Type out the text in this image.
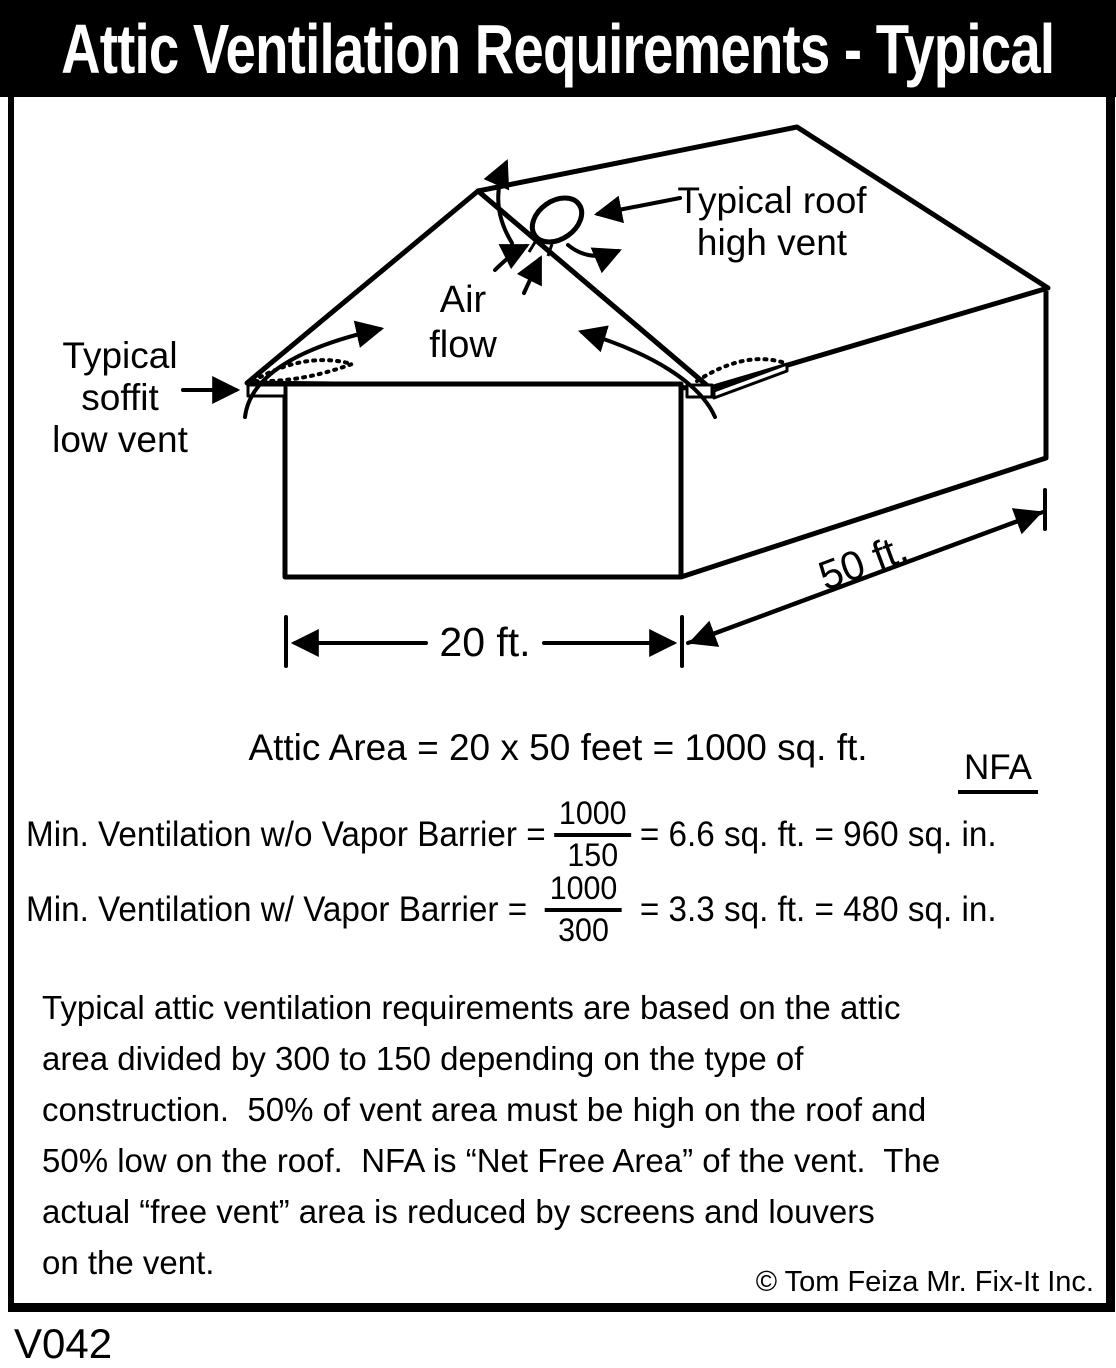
Attic Ventilation Requirements - Typical
Typical roof
high vent
Air
flow
Typical
soffit
low vent
20 ft.
50 ft.
Attic Area = 20 x 50 feet = 1000 sq. ft.	NFA
Min. Ventilation w/o Vapor Barrier = $\frac{1000}{150} = 6.6$ sq. ft. = 960 sq. in.
Min. Ventilation w/ Vapor Barrier = $\frac{1000}{300} = 3.3$ sq. ft. = 480 sq. in.
Typical attic ventilation requirements are based on the attic
area divided by 300 to 150 depending on the type of
construction.  50% of vent area must be high on the roof and
50% low on the roof.  NFA is “Net Free Area” of the vent.  The
actual “free vent” area is reduced by screens and louvers
on the vent.
© Tom Feiza Mr. Fix-It Inc.
V042
